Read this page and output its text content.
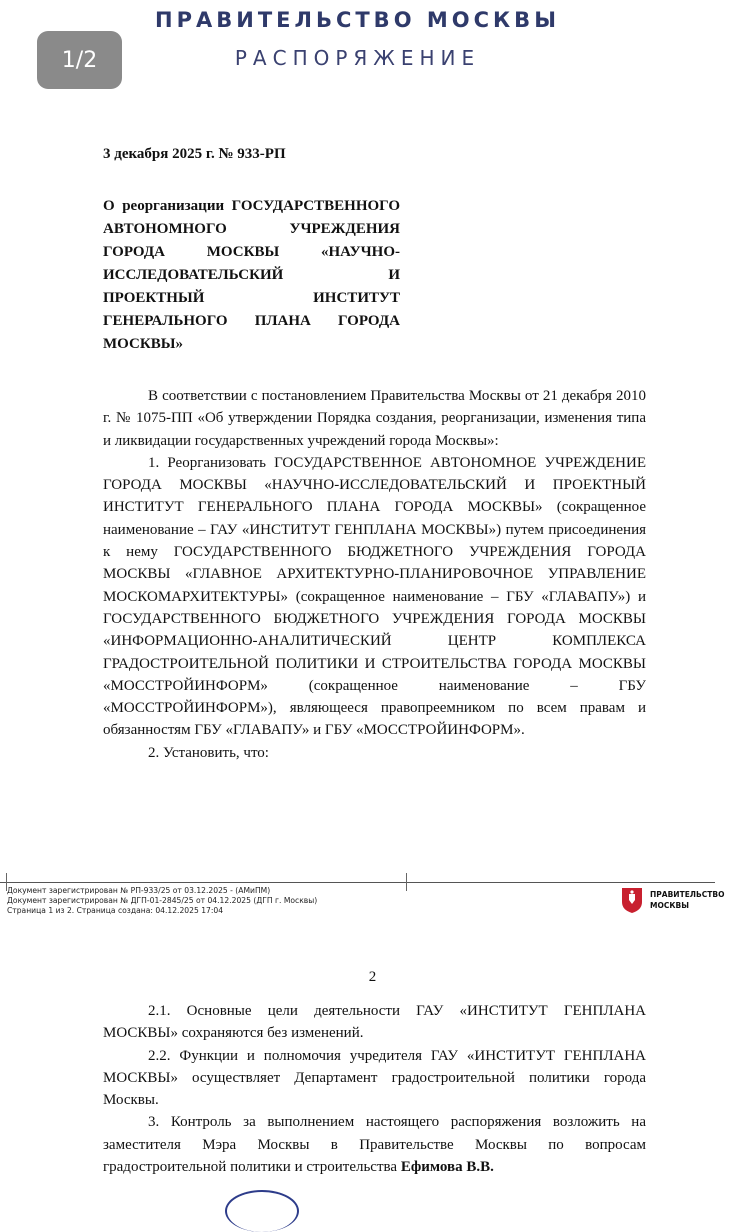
ПРАВИТЕЛЬСТВО МОСКВЫ
РАСПОРЯЖЕНИЕ
1/2
3 декабря 2025 г. № 933-РП
О реорганизации ГОСУДАРСТВЕННОГО АВТОНОМНОГО УЧРЕЖДЕНИЯ ГОРОДА МОСКВЫ «НАУЧНО-ИССЛЕДОВАТЕЛЬСКИЙ И ПРОЕКТНЫЙ ИНСТИТУТ ГЕНЕРАЛЬНОГО ПЛАНА ГОРОДА МОСКВЫ»

В соответствии с постановлением Правительства Москвы от 21 декабря 2010 г. № 1075-ПП «Об утверждении Порядка создания, реорганизации, изменения типа и ликвидации государственных учреждений города Москвы»:

1. Реорганизовать ГОСУДАРСТВЕННОЕ АВТОНОМНОЕ УЧРЕЖДЕНИЕ ГОРОДА МОСКВЫ «НАУЧНО-ИССЛЕДОВАТЕЛЬСКИЙ И ПРОЕКТНЫЙ ИНСТИТУТ ГЕНЕРАЛЬНОГО ПЛАНА ГОРОДА МОСКВЫ» (сокращенное наименование – ГАУ «ИНСТИТУТ ГЕНПЛАНА МОСКВЫ») путем присоединения к нему ГОСУДАРСТВЕННОГО БЮДЖЕТНОГО УЧРЕЖДЕНИЯ ГОРОДА МОСКВЫ «ГЛАВНОЕ АРХИТЕКТУРНО-ПЛАНИРОВОЧНОЕ УПРАВЛЕНИЕ МОСКОМАРХИТЕКТУРЫ» (сокращенное наименование – ГБУ «ГЛАВАПУ») и ГОСУДАРСТВЕННОГО БЮДЖЕТНОГО УЧРЕЖДЕНИЯ ГОРОДА МОСКВЫ «ИНФОРМАЦИОННО-АНАЛИТИЧЕСКИЙ ЦЕНТР КОМПЛЕКСА ГРАДОСТРОИТЕЛЬНОЙ ПОЛИТИКИ И СТРОИТЕЛЬСТВА ГОРОДА МОСКВЫ «МОССТРОЙИНФОРМ» (сокращенное наименование – ГБУ «МОССТРОЙИНФОРМ»), являющееся правопреемником по всем правам и обязанностям ГБУ «ГЛАВАПУ» и ГБУ «МОССТРОЙИНФОРМ».

2. Установить, что:

Документ зарегистрирован № РП-933/25 от 03.12.2025 - (АМиПМ)
Документ зарегистрирован № ДГП-01-2845/25 от 04.12.2025 (ДГП г. Москвы)
Страница 1 из 2. Страница создана: 04.12.2025 17:04
ПРАВИТЕЛЬСТВО
МОСКВЫ
2

2.1. Основные цели деятельности ГАУ «ИНСТИТУТ ГЕНПЛАНА МОСКВЫ» сохраняются без изменений.

2.2. Функции и полномочия учредителя ГАУ «ИНСТИТУТ ГЕНПЛАНА МОСКВЫ» осуществляет Департамент градостроительной политики города Москвы.

3. Контроль за выполнением настоящего распоряжения возложить на заместителя Мэра Москвы в Правительстве Москвы по вопросам градостроительной политики и строительства Ефимова В.В.
